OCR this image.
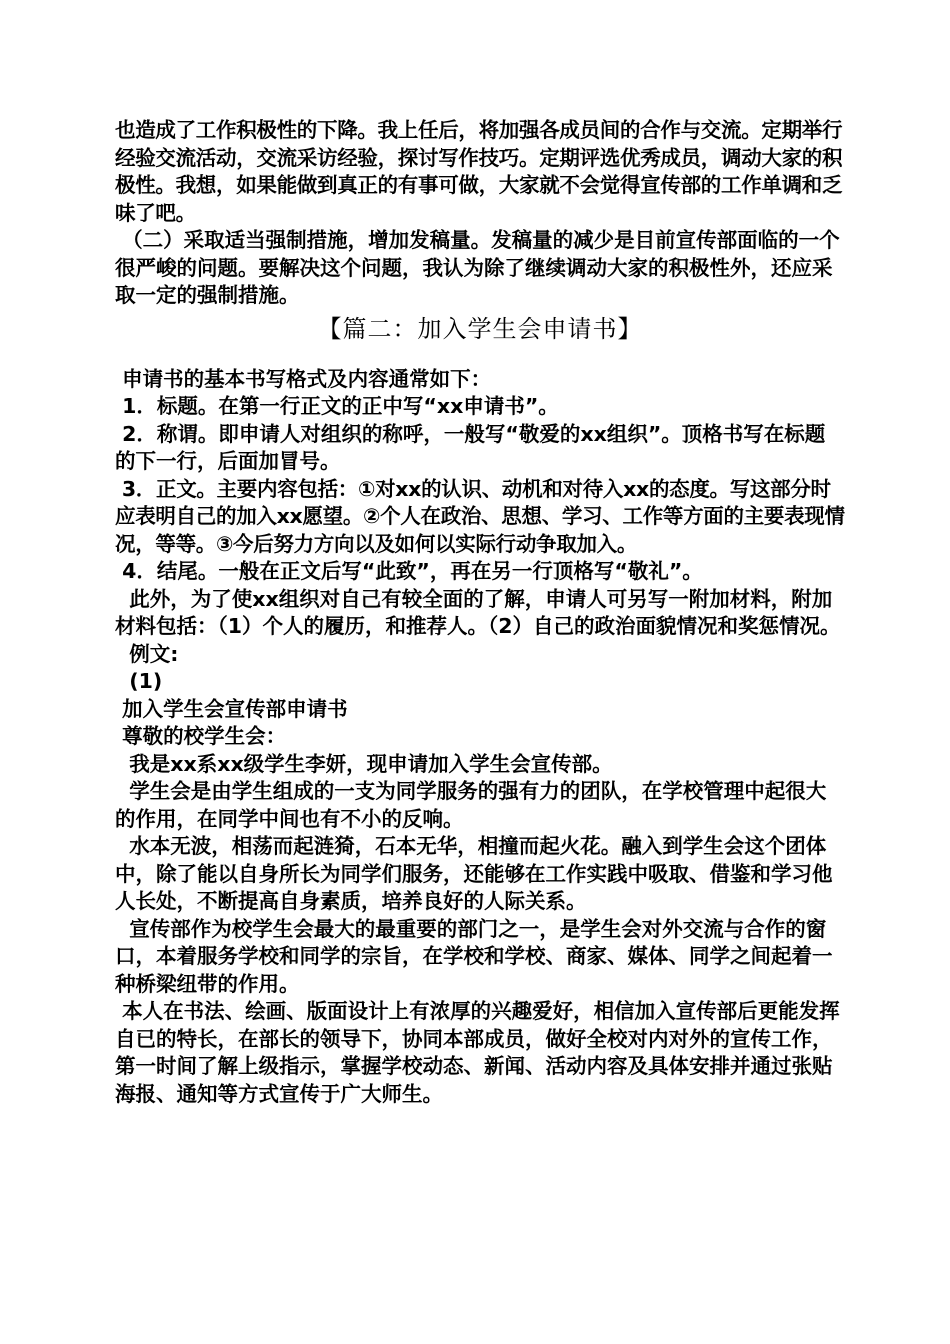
也造成了工作积极性的下降。我上任后，将加强各成员间的合作与交流。定期举行经验交流活动，交流采访经验，探讨写作技巧。定期评选优秀成员，调动大家的积极性。我想，如果能做到真正的有事可做，大家就不会觉得宣传部的工作单调和乏味了吧。
（二）采取适当强制措施，增加发稿量。发稿量的减少是目前宣传部面临的一个很严峻的问题。要解决这个问题，我认为除了继续调动大家的积极性外，还应采取一定的强制措施。
【篇二：加入学生会申请书】
申请书的基本书写格式及内容通常如下：
1．标题。在第一行正文的正中写“xx申请书”。
2．称谓。即申请人对组织的称呼，一般写“敬爱的xx组织”。顶格书写在标题的下一行，后面加冒号。
3．正文。主要内容包括：①对xx的认识、动机和对待入xx的态度。写这部分时应表明自己的加入xx愿望。②个人在政治、思想、学习、工作等方面的主要表现情况，等等。③今后努力方向以及如何以实际行动争取加入。
4．结尾。一般在正文后写“此致”，再在另一行顶格写“敬礼”。
此外，为了使xx组织对自己有较全面的了解，申请人可另写一附加材料，附加材料包括：（1）个人的履历，和推荐人。（2）自己的政治面貌情况和奖惩情况。
例文:
(1)
加入学生会宣传部申请书
尊敬的校学生会：
我是xx系xx级学生李妍，现申请加入学生会宣传部。
学生会是由学生组成的一支为同学服务的强有力的团队，在学校管理中起很大的作用，在同学中间也有不小的反响。
水本无波，相荡而起涟猗，石本无华，相撞而起火花。融入到学生会这个团体中，除了能以自身所长为同学们服务，还能够在工作实践中吸取、借鉴和学习他人长处，不断提高自身素质，培养良好的人际关系。
宣传部作为校学生会最大的最重要的部门之一，是学生会对外交流与合作的窗口，本着服务学校和同学的宗旨，在学校和学校、商家、媒体、同学之间起着一种桥梁纽带的作用。
本人在书法、绘画、版面设计上有浓厚的兴趣爱好，相信加入宣传部后更能发挥自已的特长，在部长的领导下，协同本部成员，做好全校对内对外的宣传工作，第一时间了解上级指示，掌握学校动态、新闻、活动内容及具体安排并通过张贴海报、通知等方式宣传于广大师生。
